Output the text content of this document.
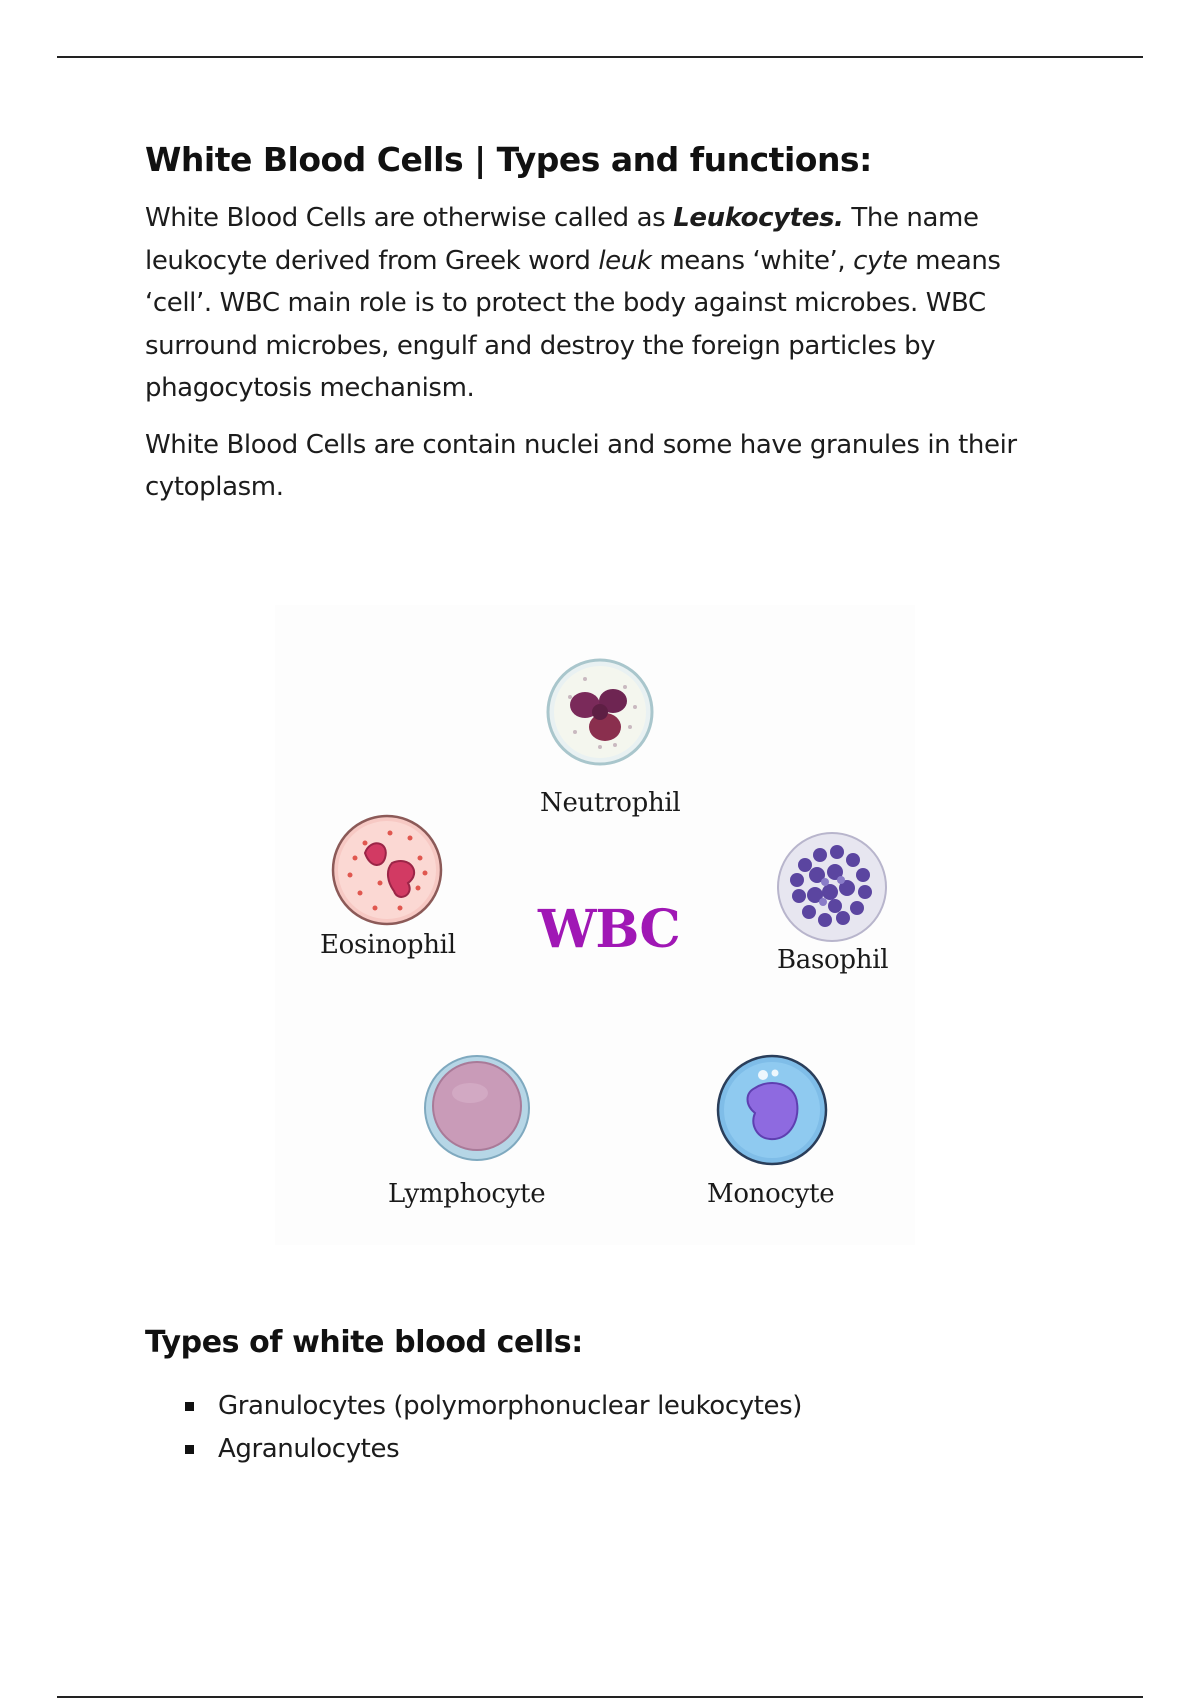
White Blood Cells | Types and functions:

White Blood Cells are otherwise called as Leukocytes. The name leukocyte derived from Greek word leuk means ‘white’, cyte means ‘cell’. WBC main role is to protect the body against microbes. WBC surround microbes, engulf and destroy the foreign particles by phagocytosis mechanism.

White Blood Cells are contain nuclei and some have granules in their cytoplasm.

Neutrophil
Eosinophil WBC	Basophil
Lymphocyte	Monocyte
Types of white blood cells:
Granulocytes (polymorphonuclear leukocytes)
Agranulocytes
